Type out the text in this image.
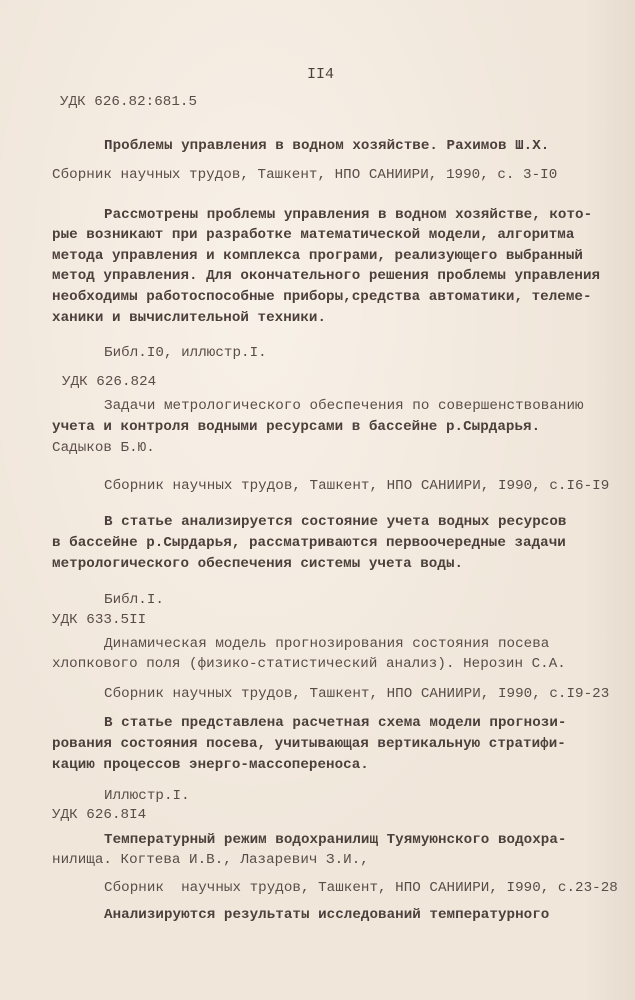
II4
УДК 626.82:681.5
Проблемы управления в водном хозяйстве. Рахимов Ш.Х.
Сборник научных трудов, Ташкент, НПО САНИИРИ, 1990, с. 3-I0
Рассмотрены проблемы управления в водном хозяйстве, кото-
рые возникают при разработке математической модели, алгоритма
метода управления и комплекса програми, реализующего выбранный
метод управления. Для окончательного решения проблемы управления
необходимы работоспособные приборы,средства автоматики, телеме-
ханики и вычислительной техники.
Библ.I0, иллюстр.I.
УДК 626.824
Задачи метрологического обеспечения по совершенствованию
учета и контроля водными ресурсами в бассейне р.Сырдарья.
Садыков Б.Ю.
Сборник научных трудов, Ташкент, НПО САНИИРИ, I990, с.I6-I9
В статье анализируется состояние учета водных ресурсов
в бассейне р.Сырдарья, рассматриваются первоочередные задачи
метрологического обеспечения системы учета воды.
Библ.I.
УДК 633.5II
Динамическая модель прогнозирования состояния посева
хлопкового поля (физико-статистический анализ). Нерозин С.А.
Сборник научных трудов, Ташкент, НПО САНИИРИ, I990, с.I9-23
В статье представлена расчетная схема модели прогнози-
рования состояния посева, учитывающая вертикальную стратифи-
кацию процессов энерго-массопереноса.
Иллюстр.I.
УДК 626.8I4
Температурный режим водохранилищ Туямуюнского водохра-
нилища. Когтева И.В., Лазаревич З.И.,
Сборник  научных трудов, Ташкент, НПО САНИИРИ, I990, с.23-28
Анализируются результаты исследований температурного
